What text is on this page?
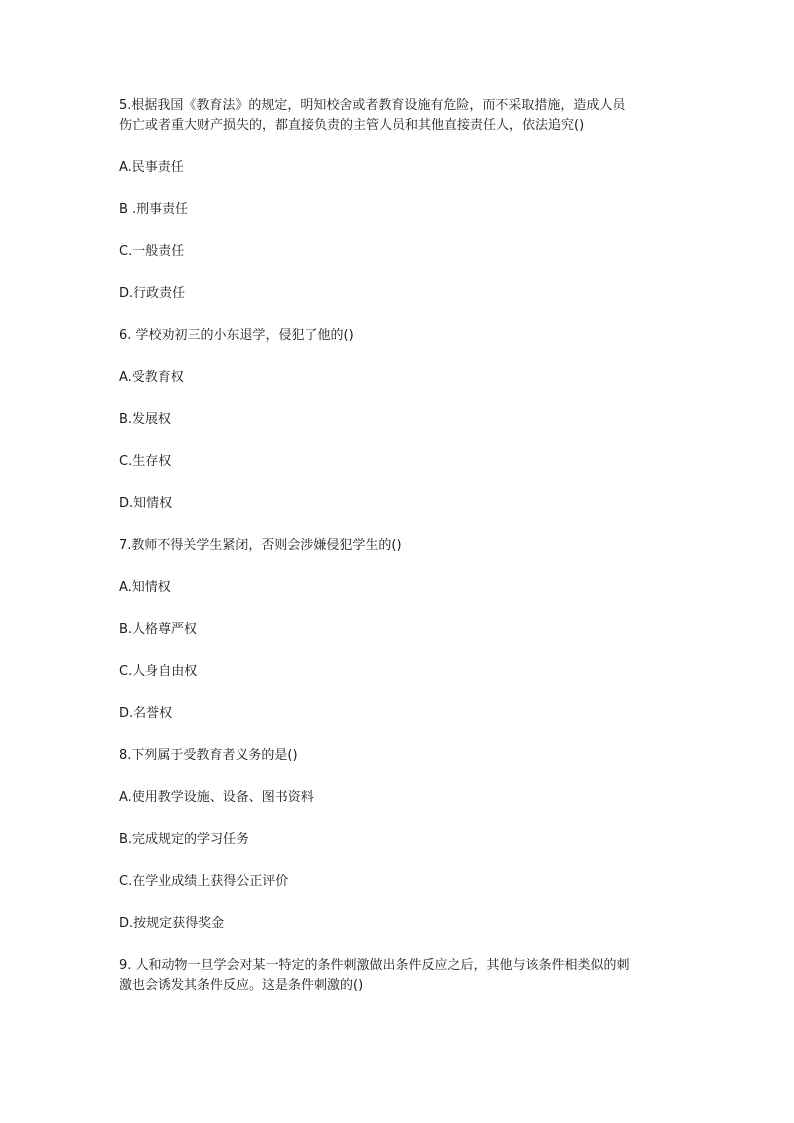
5.根据我国《教育法》的规定，明知校舍或者教育设施有危险，而不采取措施，造成人员

伤亡或者重大财产损失的，都直接负责的主管人员和其他直接责任人，依法追究()

A.民事责任

B .刑事责任

C.一般责任

D.行政责任

6. 学校劝初三的小东退学，侵犯了他的()

A.受教育权

B.发展权

C.生存权

D.知情权

7.教师不得关学生紧闭，否则会涉嫌侵犯学生的()

A.知情权

B.人格尊严权

C.人身自由权

D.名誉权

8.下列属于受教育者义务的是()

A.使用教学设施、设备、图书资料

B.完成规定的学习任务

C.在学业成绩上获得公正评价

D.按规定获得奖金

9. 人和动物一旦学会对某一特定的条件刺激做出条件反应之后，其他与该条件相类似的刺

激也会诱发其条件反应。这是条件刺激的()
